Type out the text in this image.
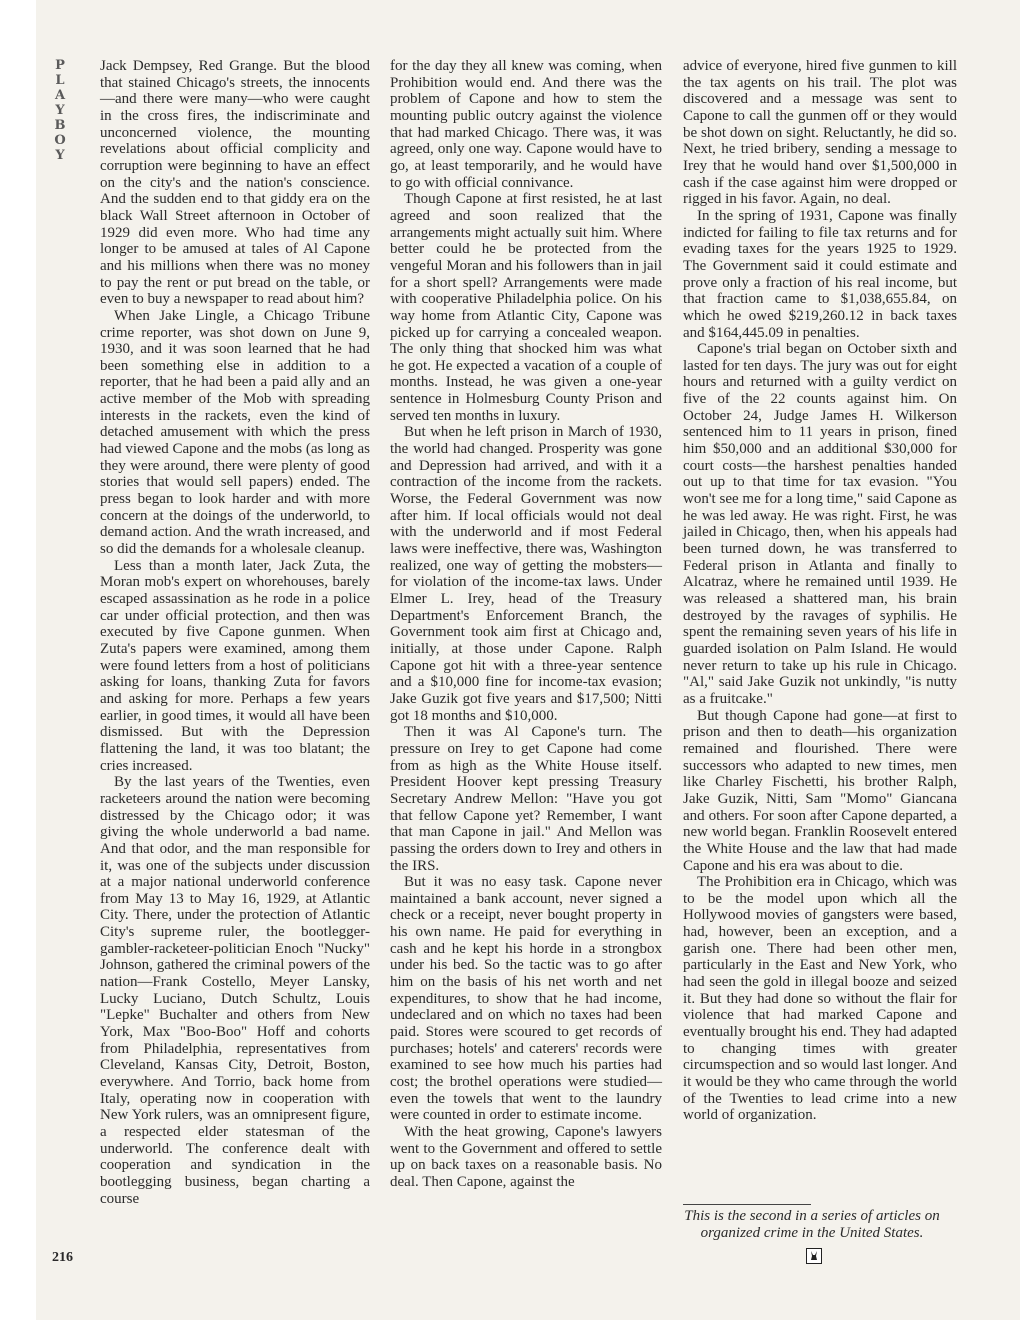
P
L
A
Y
B
O
Y

Jack Dempsey, Red Grange. But the blood that stained Chicago's streets, the innocents—and there were many—who were caught in the cross fires, the indiscriminate and unconcerned violence, the mounting revelations about official complicity and corruption were beginning to have an effect on the city's and the nation's conscience. And the sudden end to that giddy era on the black Wall Street afternoon in October of 1929 did even more. Who had time any longer to be amused at tales of Al Capone and his millions when there was no money to pay the rent or put bread on the table, or even to buy a newspaper to read about him?

When Jake Lingle, a Chicago Tribune crime reporter, was shot down on June 9, 1930, and it was soon learned that he had been something else in addition to a reporter, that he had been a paid ally and an active member of the Mob with spreading interests in the rackets, even the kind of detached amusement with which the press had viewed Capone and the mobs (as long as they were around, there were plenty of good stories that would sell papers) ended. The press began to look harder and with more concern at the doings of the underworld, to demand action. And the wrath increased, and so did the demands for a wholesale cleanup.

Less than a month later, Jack Zuta, the Moran mob's expert on whorehouses, barely escaped assassination as he rode in a police car under official protection, and then was executed by five Capone gunmen. When Zuta's papers were examined, among them were found letters from a host of politicians asking for loans, thanking Zuta for favors and asking for more. Perhaps a few years earlier, in good times, it would all have been dismissed. But with the Depression flattening the land, it was too blatant; the cries increased.

By the last years of the Twenties, even racketeers around the nation were becoming distressed by the Chicago odor; it was giving the whole underworld a bad name. And that odor, and the man responsible for it, was one of the subjects under discussion at a major national underworld conference from May 13 to May 16, 1929, at Atlantic City. There, under the protection of Atlantic City's supreme ruler, the bootlegger-gambler-racketeer-politician Enoch "Nucky" Johnson, gathered the criminal powers of the nation—Frank Costello, Meyer Lansky, Lucky Luciano, Dutch Schultz, Louis "Lepke" Buchalter and others from New York, Max "Boo-Boo" Hoff and cohorts from Philadelphia, representatives from Cleveland, Kansas City, Detroit, Boston, everywhere. And Torrio, back home from Italy, operating now in cooperation with New York rulers, was an omnipresent figure, a respected elder statesman of the underworld. The conference dealt with cooperation and syndication in the bootlegging business, began charting a course

for the day they all knew was coming, when Prohibition would end. And there was the problem of Capone and how to stem the mounting public outcry against the violence that had marked Chicago. There was, it was agreed, only one way. Capone would have to go, at least temporarily, and he would have to go with official connivance.

Though Capone at first resisted, he at last agreed and soon realized that the arrangements might actually suit him. Where better could he be protected from the vengeful Moran and his followers than in jail for a short spell? Arrangements were made with cooperative Philadelphia police. On his way home from Atlantic City, Capone was picked up for carrying a concealed weapon. The only thing that shocked him was what he got. He expected a vacation of a couple of months. Instead, he was given a one-year sentence in Holmesburg County Prison and served ten months in luxury.

But when he left prison in March of 1930, the world had changed. Prosperity was gone and Depression had arrived, and with it a contraction of the income from the rackets. Worse, the Federal Government was now after him. If local officials would not deal with the underworld and if most Federal laws were ineffective, there was, Washington realized, one way of getting the mobsters—for violation of the income-tax laws. Under Elmer L. Irey, head of the Treasury Department's Enforcement Branch, the Government took aim first at Chicago and, initially, at those under Capone. Ralph Capone got hit with a three-year sentence and a $10,000 fine for income-tax evasion; Jake Guzik got five years and $17,500; Nitti got 18 months and $10,000.

Then it was Al Capone's turn. The pressure on Irey to get Capone had come from as high as the White House itself. President Hoover kept pressing Treasury Secretary Andrew Mellon: "Have you got that fellow Capone yet? Remember, I want that man Capone in jail." And Mellon was passing the orders down to Irey and others in the IRS.

But it was no easy task. Capone never maintained a bank account, never signed a check or a receipt, never bought property in his own name. He paid for everything in cash and he kept his horde in a strongbox under his bed. So the tactic was to go after him on the basis of his net worth and net expenditures, to show that he had income, undeclared and on which no taxes had been paid. Stores were scoured to get records of purchases; hotels' and caterers' records were examined to see how much his parties had cost; the brothel operations were studied—even the towels that went to the laundry were counted in order to estimate income.

With the heat growing, Capone's lawyers went to the Government and offered to settle up on back taxes on a reasonable basis. No deal. Then Capone, against the

advice of everyone, hired five gunmen to kill the tax agents on his trail. The plot was discovered and a message was sent to Capone to call the gunmen off or they would be shot down on sight. Reluctantly, he did so. Next, he tried bribery, sending a message to Irey that he would hand over $1,500,000 in cash if the case against him were dropped or rigged in his favor. Again, no deal.

In the spring of 1931, Capone was finally indicted for failing to file tax returns and for evading taxes for the years 1925 to 1929. The Government said it could estimate and prove only a fraction of his real income, but that fraction came to $1,038,655.84, on which he owed $219,260.12 in back taxes and $164,445.09 in penalties.

Capone's trial began on October sixth and lasted for ten days. The jury was out for eight hours and returned with a guilty verdict on five of the 22 counts against him. On October 24, Judge James H. Wilkerson sentenced him to 11 years in prison, fined him $50,000 and an additional $30,000 for court costs—the harshest penalties handed out up to that time for tax evasion. "You won't see me for a long time," said Capone as he was led away. He was right. First, he was jailed in Chicago, then, when his appeals had been turned down, he was transferred to Federal prison in Atlanta and finally to Alcatraz, where he remained until 1939. He was released a shattered man, his brain destroyed by the ravages of syphilis. He spent the remaining seven years of his life in guarded isolation on Palm Island. He would never return to take up his rule in Chicago. "Al," said Jake Guzik not unkindly, "is nutty as a fruitcake."

But though Capone had gone—at first to prison and then to death—his organization remained and flourished. There were successors who adapted to new times, men like Charley Fischetti, his brother Ralph, Jake Guzik, Nitti, Sam "Momo" Giancana and others. For soon after Capone departed, a new world began. Franklin Roosevelt entered the White House and the law that had made Capone and his era was about to die.

The Prohibition era in Chicago, which was to be the model upon which all the Hollywood movies of gangsters were based, had, however, been an exception, and a garish one. There had been other men, particularly in the East and New York, who had seen the gold in illegal booze and seized it. But they had done so without the flair for violence that had marked Capone and eventually brought his end. They had adapted to changing times with greater circumspection and so would last longer. And it would be they who came through the world of the Twenties to lead crime into a new world of organization.

216
This is the second in a series of articles on organized crime in the United States.
